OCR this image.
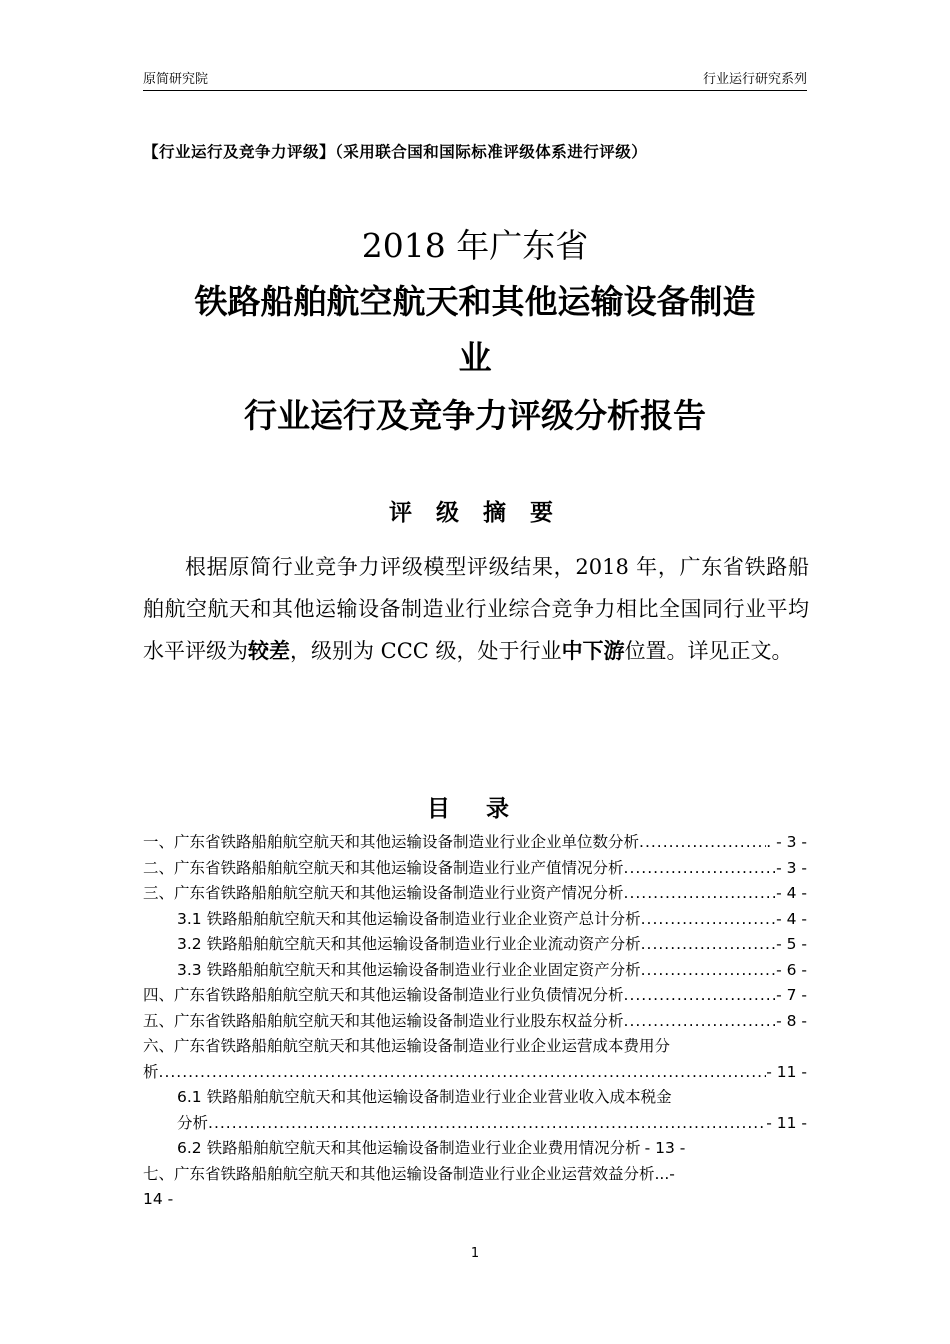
原简研究院	行业运行研究系列
【行业运行及竞争力评级】（采用联合国和国际标准评级体系进行评级）
2018 年广东省
铁路船舶航空航天和其他运输设备制造
业
行业运行及竞争力评级分析报告
评 级 摘 要

根据原简行业竞争力评级模型评级结果，2018 年，广东省铁路船舶航空航天和其他运输设备制造业行业综合竞争力相比全国同行业平均水平评级为较差，级别为 CCC 级，处于行业中下游位置。详见正文。

目 录
一、广东省铁路船舶航空航天和其他运输设备制造业行业企业单位数分析 .....	. - 3 -
二、广东省铁路船舶航空航天和其他运输设备制造业行业产值情况分析 .....	- 3 -
三、广东省铁路船舶航空航天和其他运输设备制造业行业资产情况分析 .....	- 4 -
3.1 铁路船舶航空航天和其他运输设备制造业行业企业资产总计分析 .....	- 4 -
3.2 铁路船舶航空航天和其他运输设备制造业行业企业流动资产分析 .....	- 5 -
3.3 铁路船舶航空航天和其他运输设备制造业行业企业固定资产分析 .....	- 6 -
四、广东省铁路船舶航空航天和其他运输设备制造业行业负债情况分析 .....	- 7 -
五、广东省铁路船舶航空航天和其他运输设备制造业行业股东权益分析 .....	- 8 -
六、广东省铁路船舶航空航天和其他运输设备制造业行业企业运营成本费用分
析 .....	- 11 -
6.1 铁路船舶航空航天和其他运输设备制造业行业企业营业收入成本税金
分析 .....	- 11 -
6.2 铁路船舶航空航天和其他运输设备制造业行业企业费用情况分析 - 13 -
七、广东省铁路船舶航空航天和其他运输设备制造业行业企业运营效益分析...-
14 -
1
